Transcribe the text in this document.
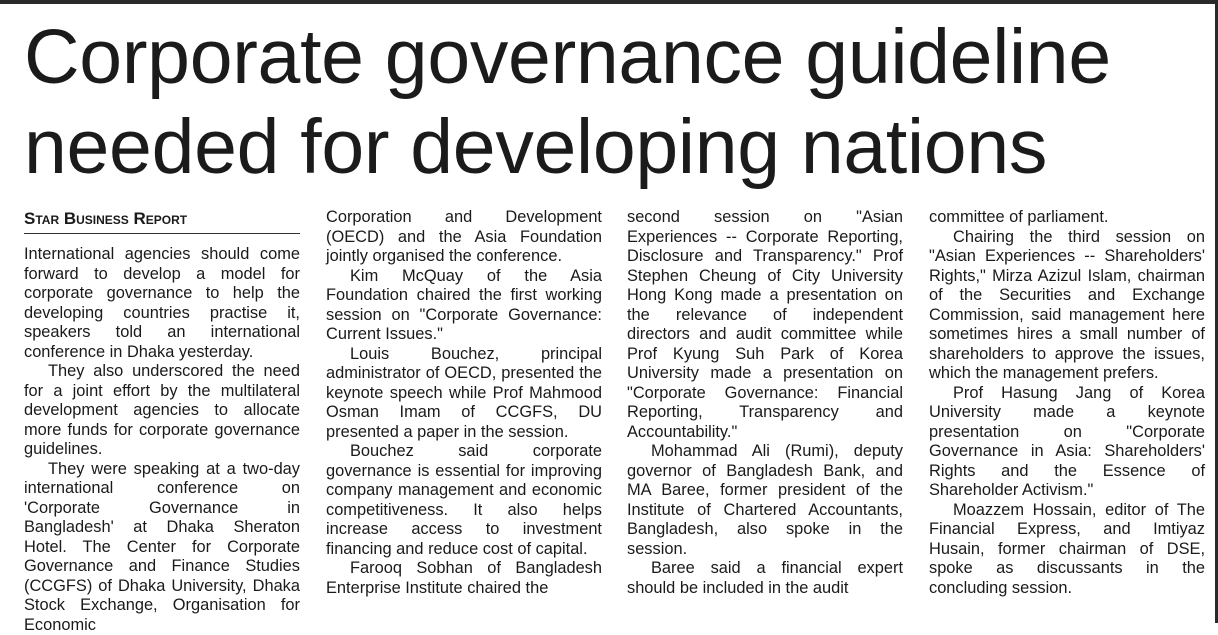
Corporate governance guideline needed for developing nations
Star Business Report

International agencies should come forward to develop a model for corporate governance to help the developing countries practise it, speakers told an international conference in Dhaka yesterday.

They also underscored the need for a joint effort by the multilateral development agencies to allocate more funds for corporate governance guidelines.

They were speaking at a two-day international conference on 'Corporate Governance in Bangladesh' at Dhaka Sheraton Hotel. The Center for Corporate Governance and Finance Studies (CCGFS) of Dhaka University, Dhaka Stock Exchange, Organisation for Economic

Corporation and Development (OECD) and the Asia Foundation jointly organised the conference.

Kim McQuay of the Asia Foundation chaired the first working session on "Corporate Governance: Current Issues."

Louis Bouchez, principal administrator of OECD, presented the keynote speech while Prof Mahmood Osman Imam of CCGFS, DU presented a paper in the session.

Bouchez said corporate governance is essential for improving company management and economic competitiveness. It also helps increase access to investment financing and reduce cost of capital.

Farooq Sobhan of Bangladesh Enterprise Institute chaired the

second session on "Asian Experiences -- Corporate Reporting, Disclosure and Transparency." Prof Stephen Cheung of City University Hong Kong made a presentation on the relevance of independent directors and audit committee while Prof Kyung Suh Park of Korea University made a presentation on "Corporate Governance: Financial Reporting, Transparency and Accountability."

Mohammad Ali (Rumi), deputy governor of Bangladesh Bank, and MA Baree, former president of the Institute of Chartered Accountants, Bangladesh, also spoke in the session.

Baree said a financial expert should be included in the audit

committee of parliament.

Chairing the third session on "Asian Experiences -- Shareholders' Rights," Mirza Azizul Islam, chairman of the Securities and Exchange Commission, said management here sometimes hires a small number of shareholders to approve the issues, which the management prefers.

Prof Hasung Jang of Korea University made a keynote presentation on "Corporate Governance in Asia: Shareholders' Rights and the Essence of Shareholder Activism."

Moazzem Hossain, editor of The Financial Express, and Imtiyaz Husain, former chairman of DSE, spoke as discussants in the concluding session.
